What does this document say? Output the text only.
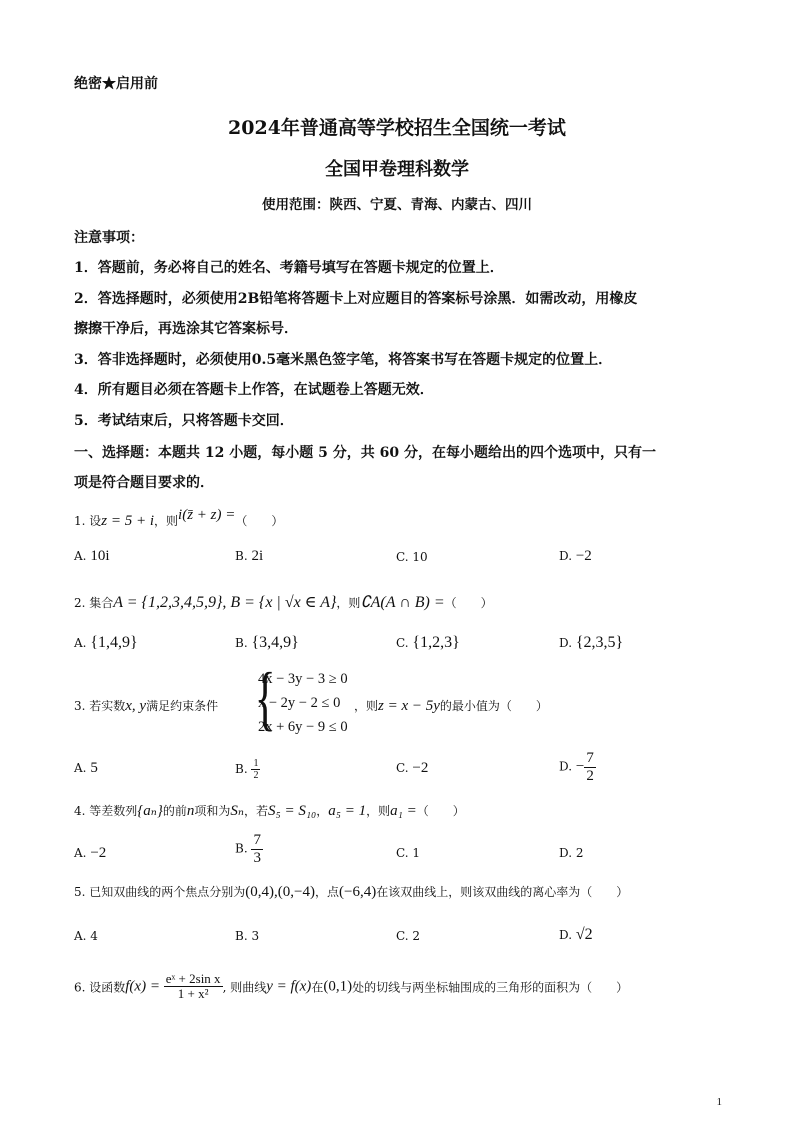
绝密★启用前
2024年普通高等学校招生全国统一考试
全国甲卷理科数学
使用范围：陕西、宁夏、青海、内蒙古、四川
注意事项：
1．答题前，务必将自己的姓名、考籍号填写在答题卡规定的位置上．
2．答选择题时，必须使用2B铅笔将答题卡上对应题目的答案标号涂黑．如需改动，用橡皮
擦擦干净后，再选涂其它答案标号．
3．答非选择题时，必须使用0.5毫米黑色签字笔，将答案书写在答题卡规定的位置上．
4．所有题目必须在答题卡上作答，在试题卷上答题无效．
5．考试结束后，只将答题卡交回．
一、选择题：本题共 12 小题，每小题 5 分，共 60 分，在每小题给出的四个选项中，只有一
项是符合题目要求的．
1. 设z = 5 + i，则i(z̄ + z) =（　　）
A. 10i	B. 2i	C. 10	D. −2
2. 集合A = {1,2,3,4,5,9}, B = {x | √x ∈ A}，则∁A(A ∩ B) =（　　）
A. {1,4,9}	B. {3,4,9}	C. {1,2,3}	D. {2,3,5}
3. 若实数x, y满足约束条件 {
4x − 3y − 3 ≥ 0
x − 2y − 2 ≤ 0
2x + 6y − 9 ≤ 0
，则z = x − 5y的最小值为（　　）
A. 5	B. $\frac{1}{2}$	C. −2	D. − $\frac{7}{2}$
4. 等差数列{aₙ}的前n项和为Sₙ，若S₅ = S₁₀，a₅ = 1，则a₁ =（　　）
A. −2	B. $\frac{7}{3}$	C. 1	D. 2
5. 已知双曲线的两个焦点分别为(0,4),(0,−4)，点(−6,4)在该双曲线上，则该双曲线的离心率为（　　）
A. 4	B. 3	C. 2	D. √2
6. 设函数$f(x) = \frac{\text{eˣ + 2sin x}}{\text{1 + x²}}$ , 则曲线y = f(x)在(0,1)处的切线与两坐标轴围成的三角形的面积为（　　）
1
